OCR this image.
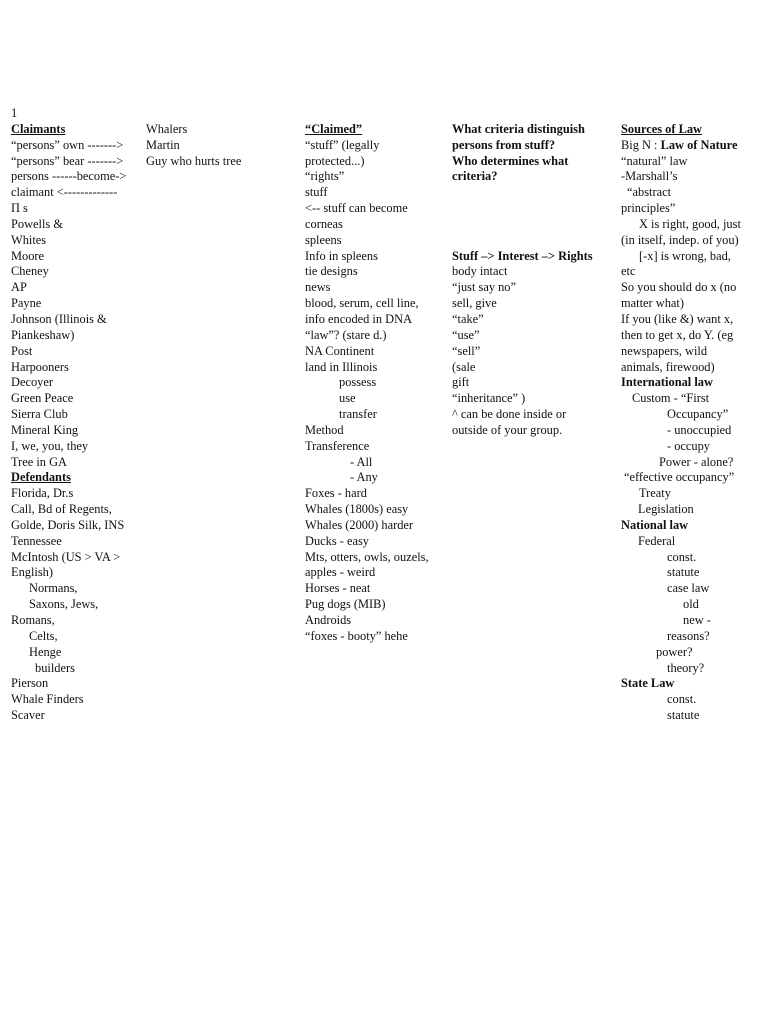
1
Claimants
“persons” own ------->
“persons” bear ------->
persons ------become->
claimant <-------------
Π s
Powells &
Whites
Moore
Cheney
AP
Payne
Johnson (Illinois &
Piankeshaw)
Post
Harpooners
Decoyer
Green Peace
Sierra Club
Mineral King
I, we, you, they
Tree in GA
Defendants
Florida, Dr.s
Call, Bd of Regents,
Golde, Doris Silk, INS
Tennessee
McIntosh (US > VA >
English)
Normans,
Saxons, Jews,
Romans,
Celts,
Henge
builders
Pierson
Whale Finders
Scaver
Whalers
Martin
Guy who hurts tree
“Claimed”
“stuff” (legally
protected...)
“rights”
stuff
<-- stuff can become
corneas
spleens
Info in spleens
tie designs
news
blood, serum, cell line,
info encoded in DNA
“law”? (stare d.)
NA Continent
land in Illinois
possess
use
transfer
Method
Transference
- All
- Any
Foxes - hard
Whales (1800s) easy
Whales (2000) harder
Ducks - easy
Mts, otters, owls, ouzels,
apples - weird
Horses - neat
Pug dogs (MIB)
Androids
“foxes - booty” hehe
What criteria distinguish
persons from stuff?
Who determines what
criteria?
Stuff –> Interest –> Rights
body intact
“just say no”
sell, give
“take”
“use”
“sell”
(sale
gift
“inheritance” )
^ can be done inside or
outside of your group.
Sources of Law
Big N : Law of Nature
“natural” law
-Marshall’s
“abstract
principles”
X is right, good, just
(in itself, indep. of you)
[-x] is wrong, bad,
etc
So you should do x (no
matter what)
If you (like &) want x,
then to get x, do Y. (eg
newspapers, wild
animals, firewood)
International law
Custom - “First
Occupancy”
- unoccupied
- occupy
Power - alone?
“effective occupancy”
Treaty
Legislation
National law
Federal
const.
statute
case law
old
new -
reasons?
power?
theory?
State Law
const.
statute
